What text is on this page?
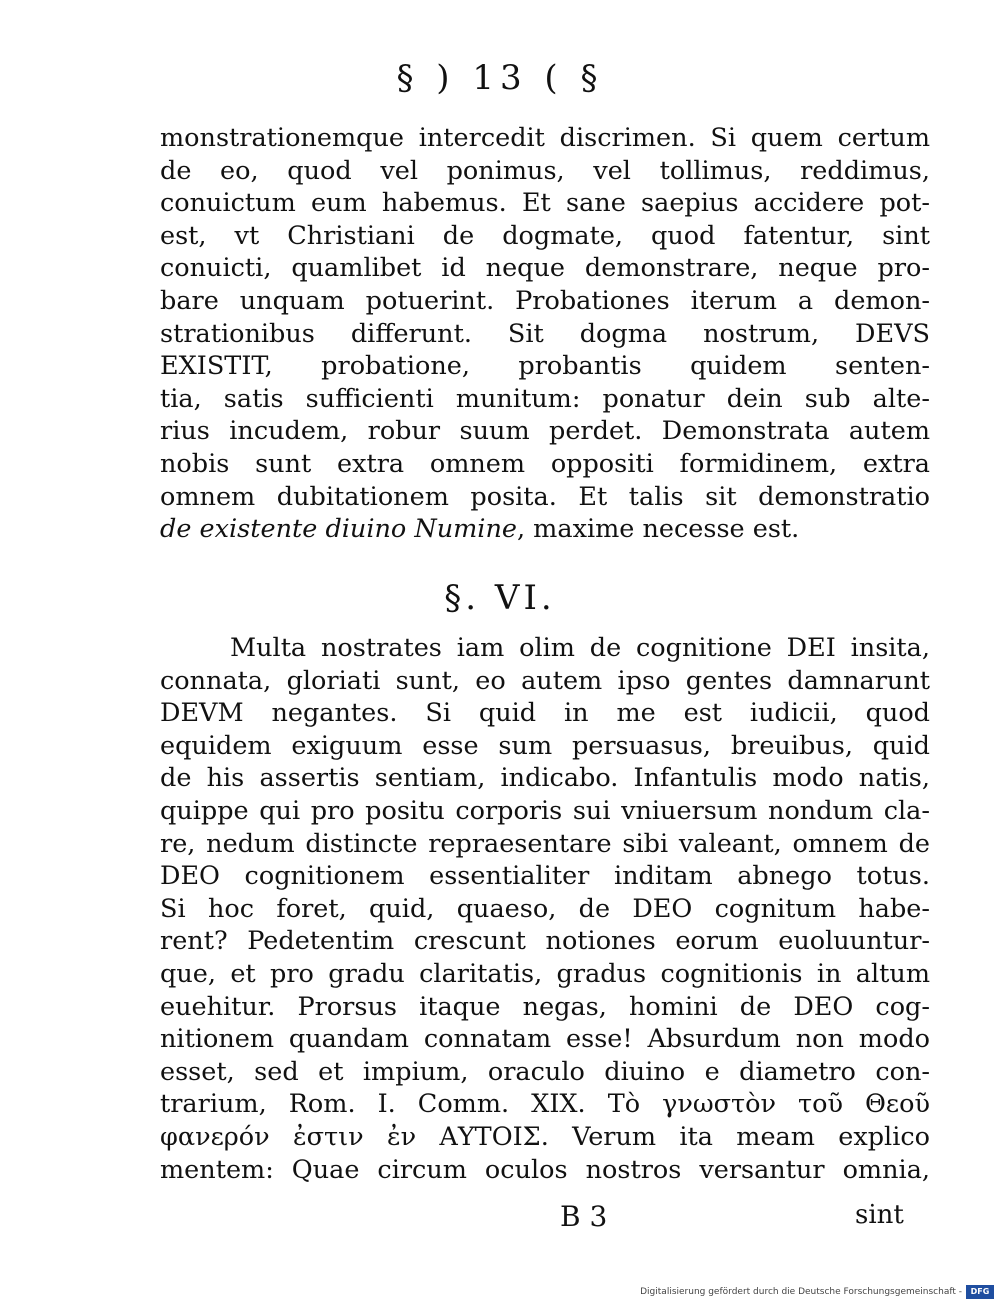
§ ) 13 ( §
monstrationemque intercedit discrimen. Si quem certum
de eo, quod vel ponimus, vel tollimus, reddimus,
conuictum eum habemus. Et sane saepius accidere pot-
est, vt Christiani de dogmate, quod fatentur, sint
conuicti, quamlibet id neque demonstrare, neque pro-
bare unquam potuerint. Probationes iterum a demon-
strationibus differunt. Sit dogma nostrum, DEVS
EXISTIT, probatione, probantis quidem senten-
tia, satis sufficienti munitum: ponatur dein sub alte-
rius incudem, robur suum perdet. Demonstrata autem
nobis sunt extra omnem oppositi formidinem, extra
omnem dubitationem posita. Et talis sit demonstratio
de existente diuino Numine, maxime necesse est.
§. VI.
Multa nostrates iam olim de cognitione DEI insita,
connata, gloriati sunt, eo autem ipso gentes damnarunt
DEVM negantes. Si quid in me est iudicii, quod
equidem exiguum esse sum persuasus, breuibus, quid
de his assertis sentiam, indicabo. Infantulis modo natis,
quippe qui pro positu corporis sui vniuersum nondum cla-
re, nedum distincte repraesentare sibi valeant, omnem de
DEO cognitionem essentialiter inditam abnego totus.
Si hoc foret, quid, quaeso, de DEO cognitum habe-
rent? Pedetentim crescunt notiones eorum euoluuntur-
que, et pro gradu claritatis, gradus cognitionis in altum
euehitur. Prorsus itaque negas, homini de DEO cog-
nitionem quandam connatam esse! Absurdum non modo
esset, sed et impium, oraculo diuino e diametro con-
trarium, Rom. I. Comm. XIX. Τὸ γνωστὸν τοῦ Θεοῦ
φανερόν ἐστιν ἐν ΑΥΤΟΙΣ. Verum ita meam explico
mentem: Quae circum oculos nostros versantur omnia,
B 3	sint
Digitalisierung gefördert durch die Deutsche Forschungsgemeinschaft -	DFG
